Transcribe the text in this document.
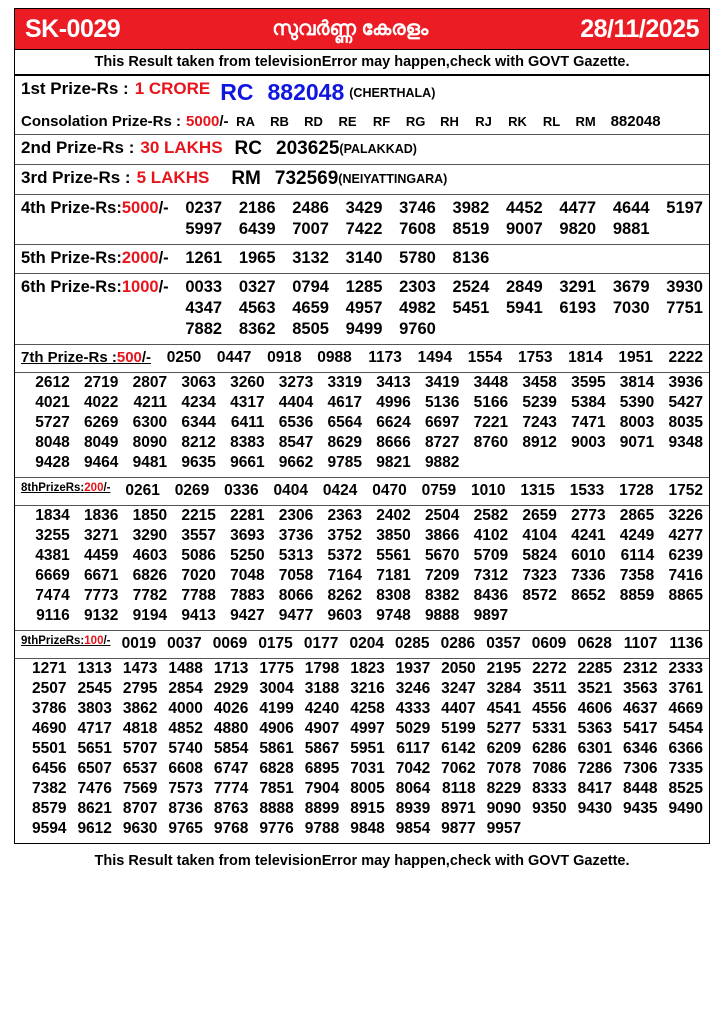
SK-0029	സുവർണ്ണ കേരളം	28/11/2025
This Result taken from televisionError may happen,check with GOVT Gazette.
1st Prize-Rs : 1 CRORE RC 882048 (CHERTHALA)
Consolation Prize-Rs : 5000 /- RA	RB	RD	RE	RF	RG	RH	RJ	RK	RL	RM 882048
2nd Prize-Rs : 30 LAKHS RC 203625 (PALAKKAD)
3rd Prize-Rs : 5 LAKHS RM 732569 (NEIYATTINGARA)
4th Prize-Rs:5000/-	0237	2186	2486	3429	3746	3982	4452	4477	4644	5197
5997	6439	7007	7422	7608	8519	9007	9820	9881
5th Prize-Rs:2000/-	1261	1965	3132	3140	5780	8136
6th Prize-Rs:1000/-	0033	0327	0794	1285	2303	2524	2849	3291	3679	3930
4347	4563	4659	4957	4982	5451	5941	6193	7030	7751
7882	8362	8505	9499	9760
7th Prize-Rs :500/-	0250	0447	0918	0988	1173	1494	1554	1753	1814	1951	2222
2612 2719 2807 3063 3260 3273 3319 3413 3419 3448 3458 3595 3814 3936
4021 4022 4211 4234 4317 4404 4617 4996 5136 5166 5239 5384 5390 5427
5727 6269 6300 6344 6411 6536 6564 6624 6697 7221 7243 7471 8003 8035
8048 8049 8090 8212 8383 8547 8629 8666 8727 8760 8912 9003 9071 9348
9428 9464 9481 9635 9661 9662 9785 9821 9882
8thPrizeRs:200/- 0261 0269 0336 0404 0424 0470 0759 1010 1315 1533 1728 1752
1834 1836 1850 2215 2281 2306 2363 2402 2504 2582 2659 2773 2865 3226
3255 3271 3290 3557 3693 3736 3752 3850 3866 4102 4104 4241 4249 4277
4381 4459 4603 5086 5250 5313 5372 5561 5670 5709 5824 6010 6114 6239
6669 6671 6826 7020 7048 7058 7164 7181 7209 7312 7323 7336 7358 7416
7474 7773 7782 7788 7883 8066 8262 8308 8382 8436 8572 8652 8859 8865
9116 9132 9194 9413 9427 9477 9603 9748 9888 9897
9thPrizeRs:100/- 0019 0037 0069 0175 0177 0204 0285 0286 0357 0609 0628 1107 1136
1271 1313 1473 1488 1713 1775 1798 1823 1937 2050 2195 2272 2285 2312 2333
2507 2545 2795 2854 2929 3004 3188 3216 3246 3247 3284 3511 3521 3563 3761
3786 3803 3862 4000 4026 4199 4240 4258 4333 4407 4541 4556 4606 4637 4669
4690 4717 4818 4852 4880 4906 4907 4997 5029 5199 5277 5331 5363 5417 5454
5501 5651 5707 5740 5854 5861 5867 5951 6117 6142 6209 6286 6301 6346 6366
6456 6507 6537 6608 6747 6828 6895 7031 7042 7062 7078 7086 7286 7306 7335
7382 7476 7569 7573 7774 7851 7904 8005 8064 8118 8229 8333 8417 8448 8525
8579 8621 8707 8736 8763 8888 8899 8915 8939 8971 9090 9350 9430 9435 9490
9594 9612 9630 9765 9768 9776 9788 9848 9854 9877 9957
This Result taken from televisionError may happen,check with GOVT Gazette.
